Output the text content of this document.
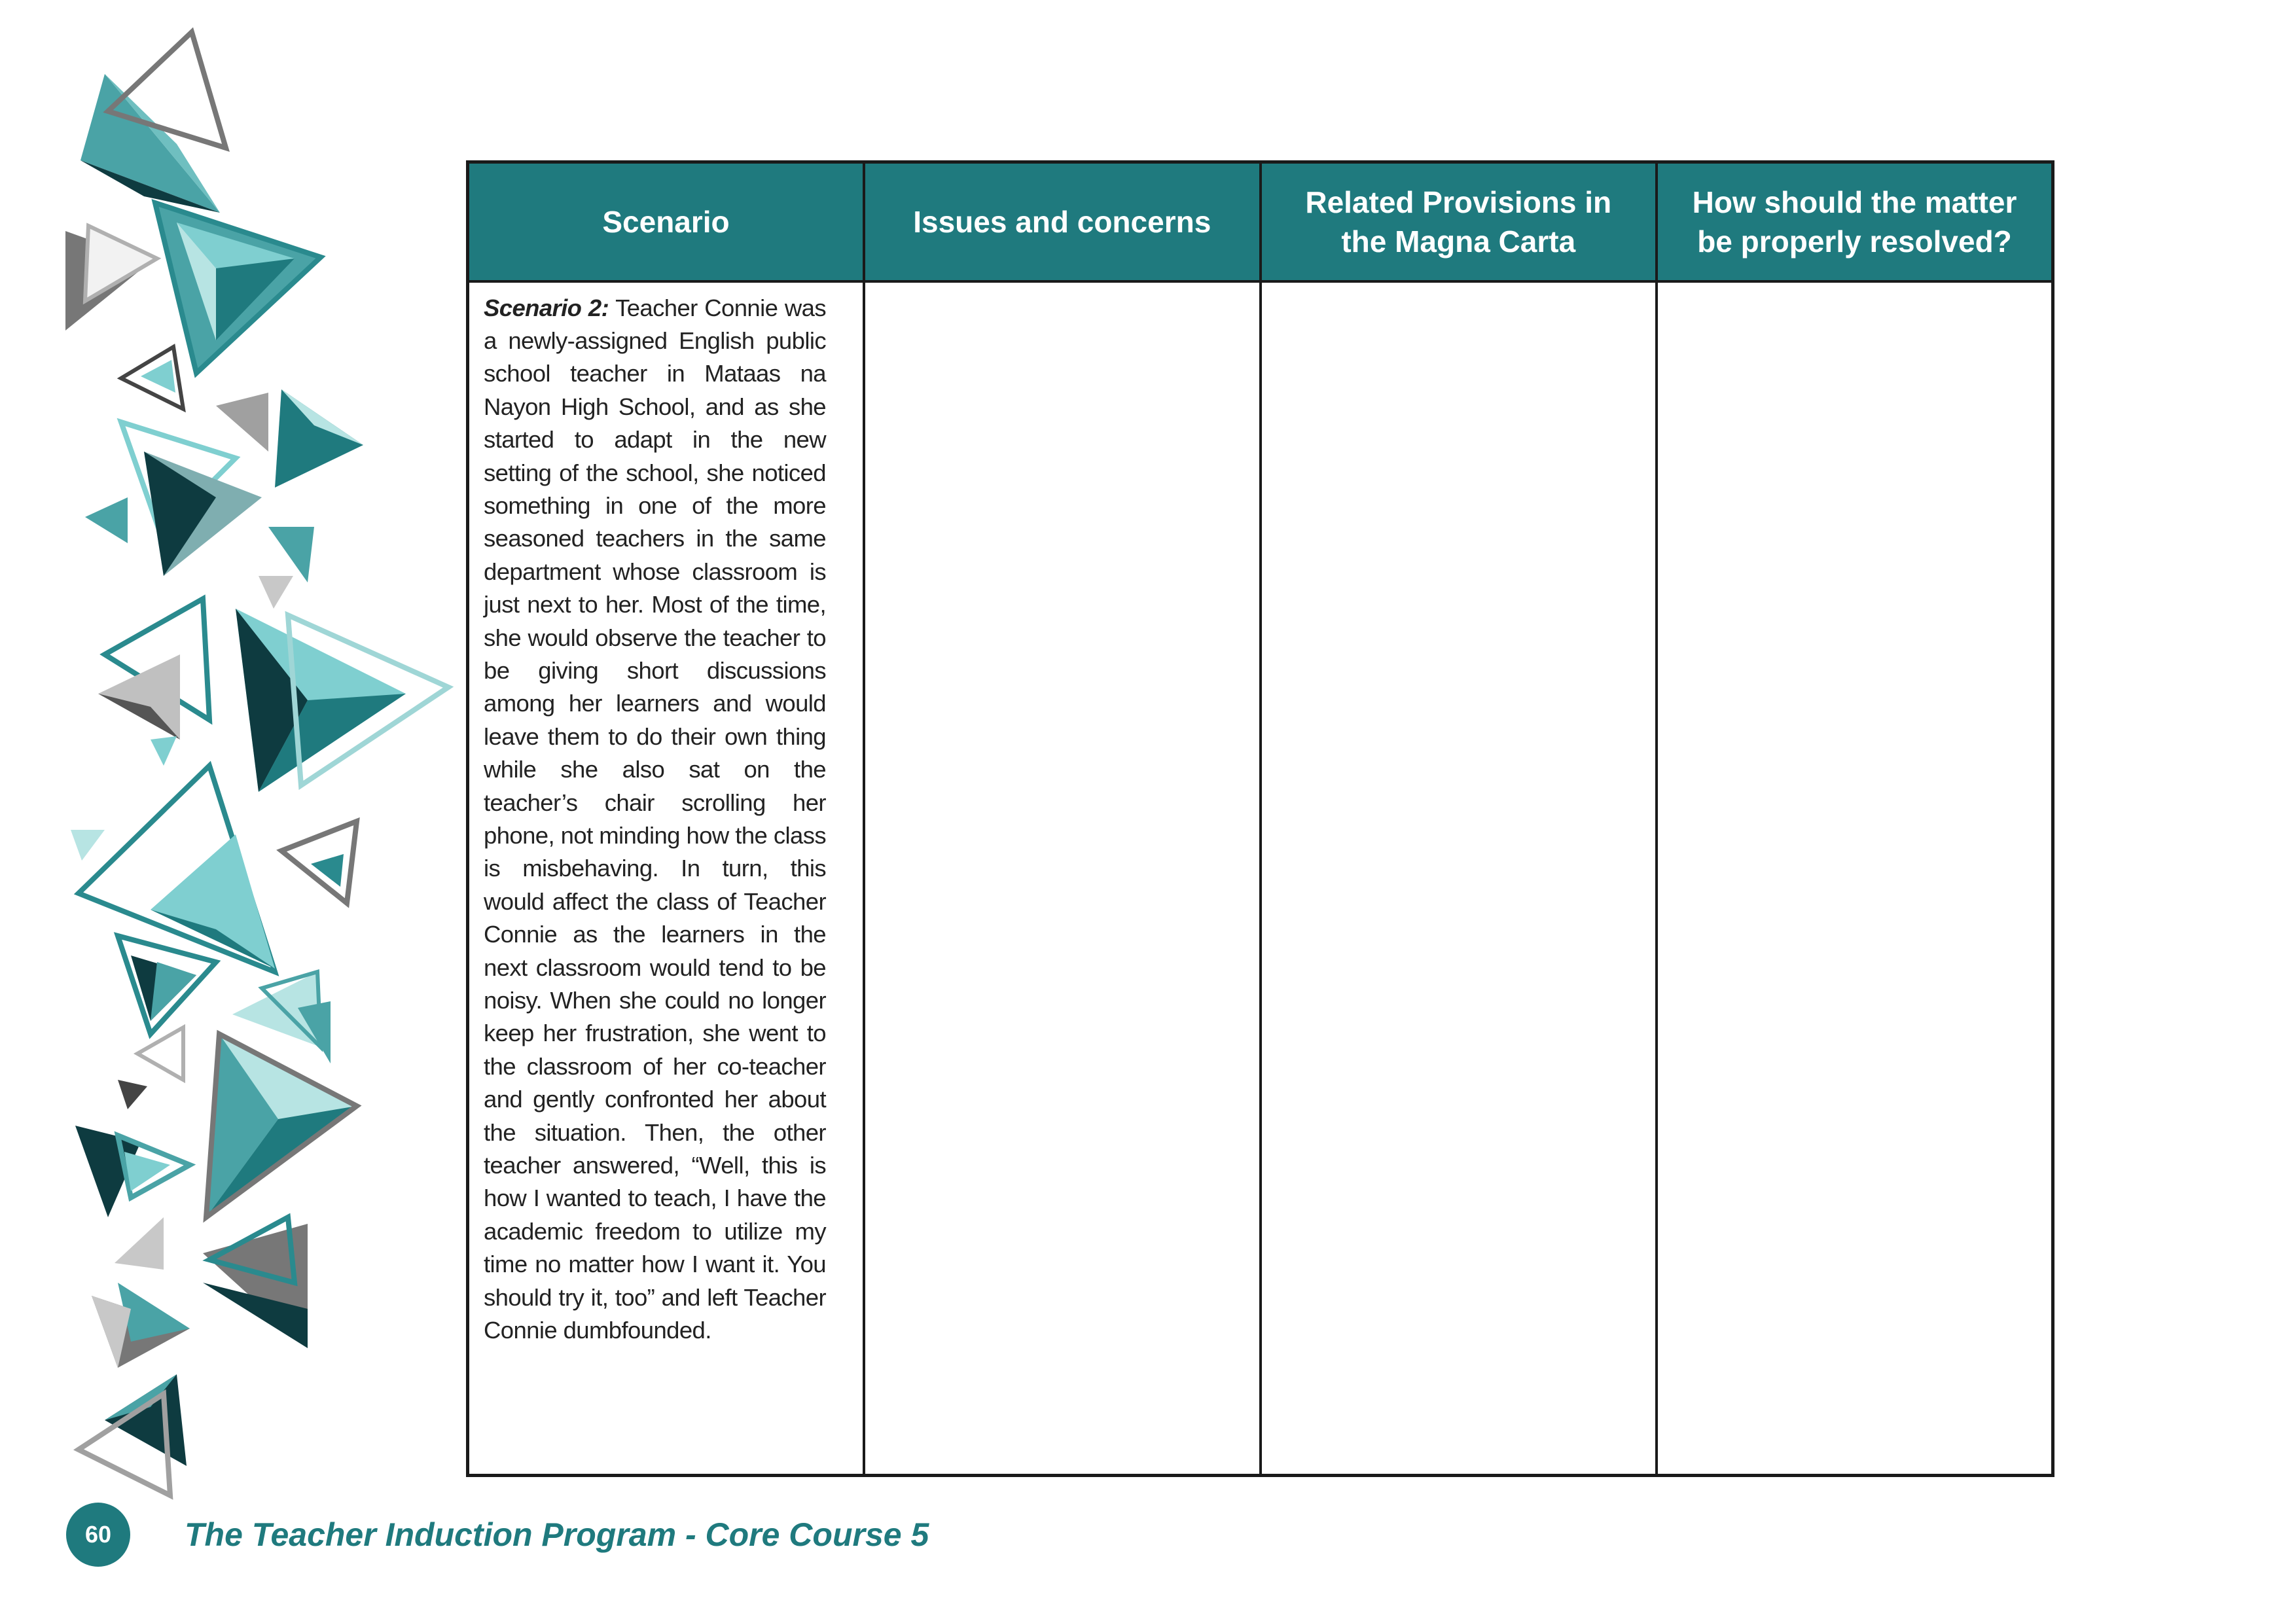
Scenario	Issues and concerns	Related Provisions in the Magna Carta	How should the matter be properly resolved?

Scenario 2: Teacher Connie was a newly-assigned English public school teacher in Mataas na Nayon High School, and as she started to adapt in the new setting of the school, she noticed something in one of the more seasoned teachers in the same department whose classroom is just next to her. Most of the time, she would observe the teacher to be giving short discussions among her learners and would leave them to do their own thing while she also sat on the teacher’s chair scrolling her phone, not minding how the class is misbehaving. In turn, this would affect the class of Teacher Connie as the learners in the next classroom would tend to be noisy. When she could no longer keep her frustration, she went to the classroom of her co-teacher and gently confronted her about the situation. Then, the other teacher answered, “Well, this is how I wanted to teach, I have the academic freedom to utilize my time no matter how I want it. You should try it, too” and left Teacher Connie dumbfounded.			

60	The Teacher Induction Program - Core Course 5
